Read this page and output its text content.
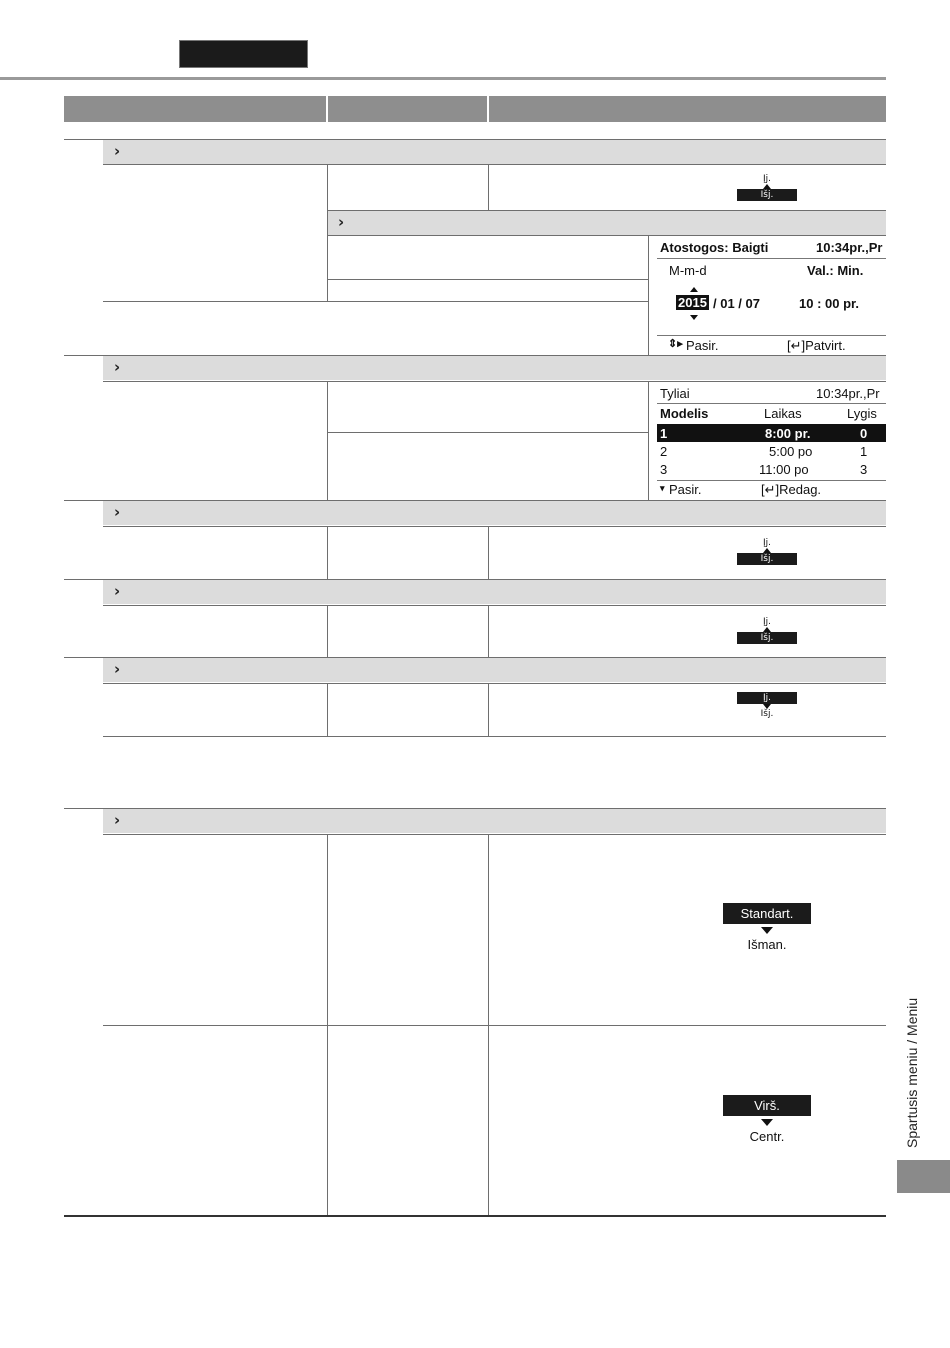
›
Įj.
Išj.
›
Atostogos: Baigti	10:34pr.,Pr
M-m-d	Val.: Min.
2015 / 01 / 07	10 : 00 pr.
⇕▸ Pasir.	[↵]Patvirt.
›
Tyliai	10:34pr.,Pr
Modelis	Laikas	Lygis
1	8:00 pr.	0
2	5:00 po	1
3	11:00 po	3
▾ Pasir.	[↵]Redag.
›
Įj.
Išj.
›
Įj.
Išj.
›
Įj.
Išj.
›
Standart.
Išman.
Virš.
Centr.	Spartusis meniu / Meniu
